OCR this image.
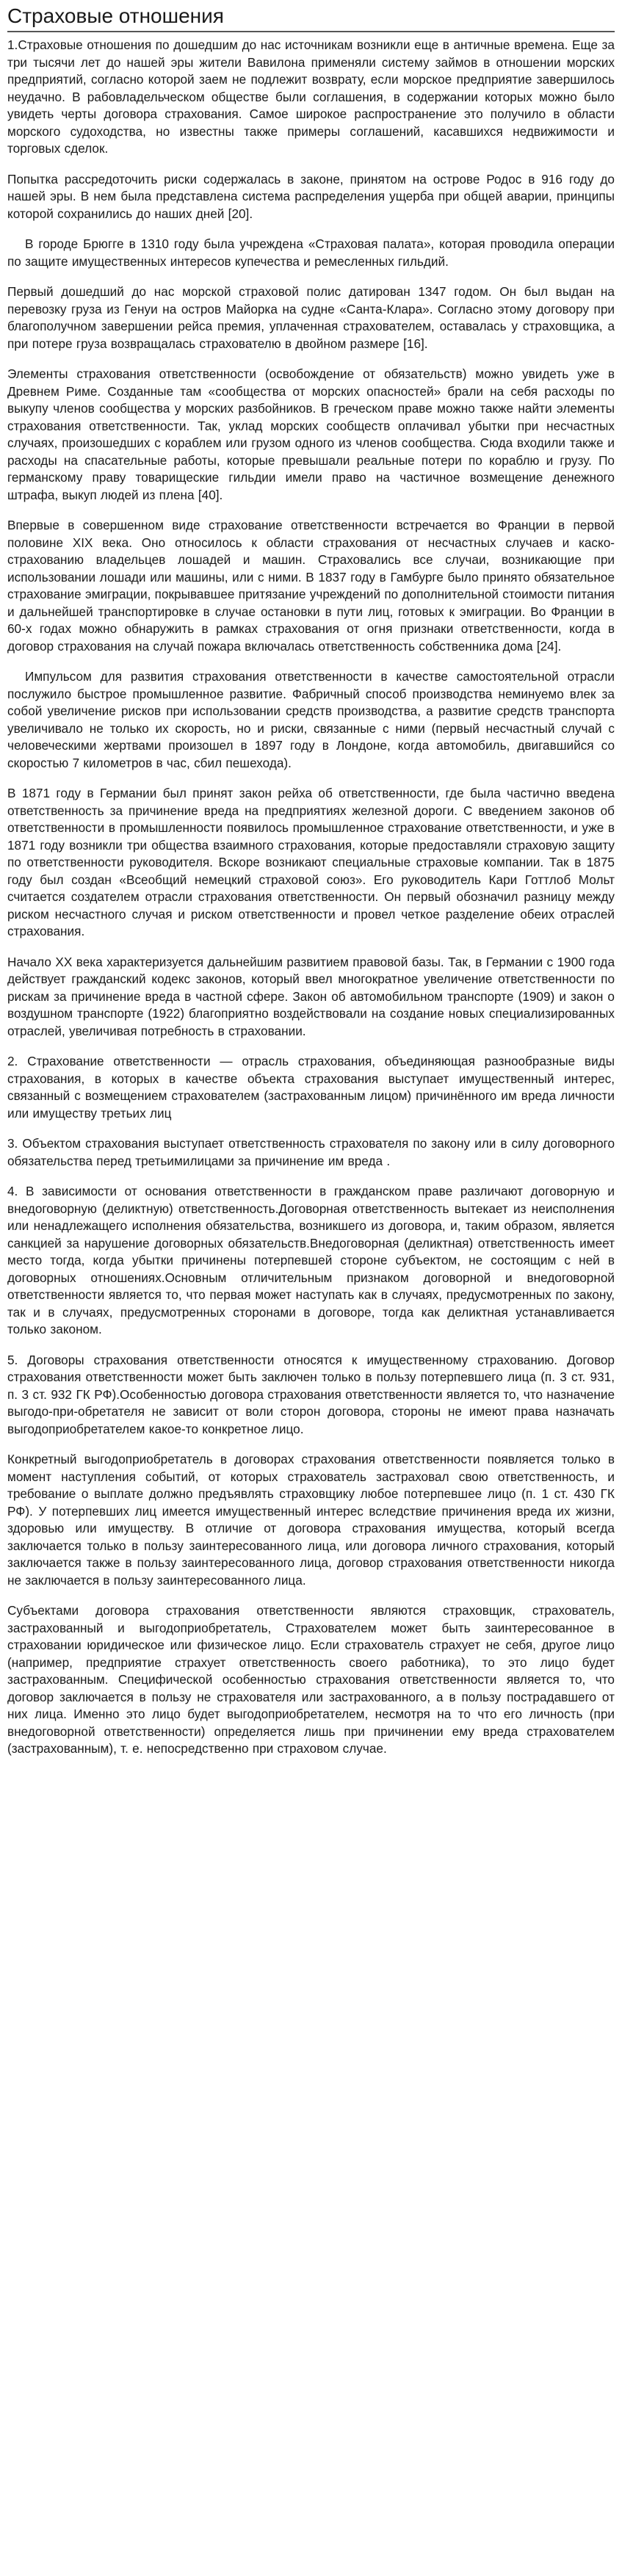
Страховые отношения

1.Страховые отношения по дошедшим до нас источникам возникли еще в античные времена. Еще за три тысячи лет до нашей эры жители Вавилона применяли систему займов в отношении морских предприятий, согласно которой заем не подлежит возврату, если морское предприятие завершилось неудачно. В рабовладельческом обществе были соглашения, в содержании которых можно было увидеть черты договора страхования. Самое широкое распространение это получило в области морского судоходства, но известны также примеры соглашений, касавшихся недвижимости и торговых сделок.

Попытка рассредоточить риски содержалась в законе, принятом на острове Родос в 916 году до нашей эры. В нем была представлена система распределения ущерба при общей аварии, принципы которой сохранились до наших дней [20].

В городе Брюгге в 1310 году была учреждена «Страховая палата», которая проводила операции по защите имущественных интересов купечества и ремесленных гильдий.

Первый дошедший до нас морской страховой полис датирован 1347 годом. Он был выдан на перевозку груза из Генуи на остров Майорка на судне «Санта-Клара». Согласно этому договору при благополучном завершении рейса премия, уплаченная страхователем, оставалась у страховщика, а при потере груза возвращалась страхователю в двойном размере [16].

Элементы страхования ответственности (освобождение от обязательств) можно увидеть уже в Древнем Риме. Созданные там «сообщества от морских опасностей» брали на себя расходы по выкупу членов сообщества у морских разбойников. В греческом праве можно также найти элементы страхования ответственности. Так, уклад морских сообществ оплачивал убытки при несчастных случаях, произошедших с кораблем или грузом одного из членов сообщества. Сюда входили также и расходы на спасательные работы, которые превышали реальные потери по кораблю и грузу. По германскому праву товарищеские гильдии имели право на частичное возмещение денежного штрафа, выкуп людей из плена [40].

Впервые в совершенном виде страхование ответственности встречается во Франции в первой половине XIX века. Оно относилось к области страхования от несчастных случаев и каско-страхованию владельцев лошадей и машин. Страховались все случаи, возникающие при использовании лошади или машины, или с ними. В 1837 году в Гамбурге было принято обязательное страхование эмиграции, покрывавшее притязание учреждений по дополнительной стоимости питания и дальнейшей транспортировке в случае остановки в пути лиц, готовых к эмиграции. Во Франции в 60-х годах можно обнаружить в рамках страхования от огня признаки ответственности, когда в договор страхования на случай пожара включалась ответственность собственника дома [24].

Импульсом для развития страхования ответственности в качестве самостоятельной отрасли послужило быстрое промышленное развитие. Фабричный способ производства неминуемо влек за собой увеличение рисков при использовании средств производства, а развитие средств транспорта увеличивало не только их скорость, но и риски, связанные с ними (первый несчастный случай с человеческими жертвами произошел в 1897 году в Лондоне, когда автомобиль, двигавшийся со скоростью 7 километров в час, сбил пешехода).

В 1871 году в Германии был принят закон рейха об ответственности, где была частично введена ответственность за причинение вреда на предприятиях железной дороги. С введением законов об ответственности в промышленности появилось промышленное страхование ответственности, и уже в 1871 году возникли три общества взаимного страхования, которые предоставляли страховую защиту по ответственности руководителя. Вскоре возникают специальные страховые компании. Так в 1875 году был создан «Всеобщий немецкий страховой союз». Его руководитель Кари Готтлоб Мольт считается создателем отрасли страхования ответственности. Он первый обозначил разницу между риском несчастного случая и риском ответственности и провел четкое разделение обеих отраслей страхования.

Начало XX века характеризуется дальнейшим развитием правовой базы. Так, в Германии с 1900 года действует гражданский кодекс законов, который ввел многократное увеличение ответственности по рискам за причинение вреда в частной сфере. Закон об автомобильном транспорте (1909) и закон о воздушном транспорте (1922) благоприятно воздействовали на создание новых специализированных отраслей, увеличивая потребность в страховании.

2. Страхование ответственности — отрасль страхования, объединяющая разнообразные виды страхования, в которых в качестве объекта страхования выступает имущественный интерес, связанный с возмещением страхователем (застрахованным лицом) причинённого им вреда личности или имуществу третьих лиц

3. Объектом страхования выступает ответственность страхователя по закону или в силу договорного обязательства перед третьимилицами за причинение им вреда .

4. В зависимости от основания ответственности в гражданском праве различают договорную и внедоговорную (деликтную) ответственность.Договорная ответственность вытекает из неисполнения или ненадлежащего исполнения обязательства, возникшего из договора, и, таким образом, является санкцией за нарушение договорных обязательств.Внедоговорная (деликтная) ответственность имеет место тогда, когда убытки причинены потерпевшей стороне субъектом, не состоящим с ней в договорных отношениях.Основным отличительным признаком договорной и внедоговорной ответственности является то, что первая может наступать как в случаях, предусмотренных по закону, так и в случаях, предусмотренных сторонами в договоре, тогда как деликтная устанавливается только законом.

5. Договоры страхования ответственности относятся к имущественному страхованию. Договор страхования ответственности может быть заключен только в пользу потерпевшего лица (п. 3 ст. 931, п. 3 ст. 932 ГК РФ).Особенностью договора страхования ответственности является то, что назначение выгодо-при-обретателя не зависит от воли сторон договора, стороны не имеют права назначать выгодоприобретателем какое-то конкретное лицо.

Конкретный выгодоприобретатель в договорах страхования ответственности появляется только в момент наступления событий, от которых страхователь застраховал свою ответственность, и требование о выплате должно предъявлять страховщику любое потерпевшее лицо (п. 1 ст. 430 ГК РФ). У потерпевших лиц имеется имущественный интерес вследствие причинения вреда их жизни, здоровью или имуществу. В отличие от договора страхования имущества, который всегда заключается только в пользу заинтересованного лица, или договора личного страхования, который заключается также в пользу заинтересованного лица, договор страхования ответственности никогда не заключается в пользу заинтересованного лица.

Субъектами договора страхования ответственности являются страховщик, страхователь, застрахованный и выгодоприобретатель, Страхователем может быть заинтересованное в страховании юридическое или физическое лицо. Если страхователь страхует не себя, другое лицо (например, предприятие страхует ответственность своего работника), то это лицо будет застрахованным. Специфической особенностью страхования ответственности является то, что договор заключается в пользу не страхователя или застрахованного, а в пользу пострадавшего от них лица. Именно это лицо будет выгодоприобретателем, несмотря на то что его личность (при внедоговорной ответственности) определяется лишь при причинении ему вреда страхователем (застрахованным), т. е. непосредственно при страховом случае.
